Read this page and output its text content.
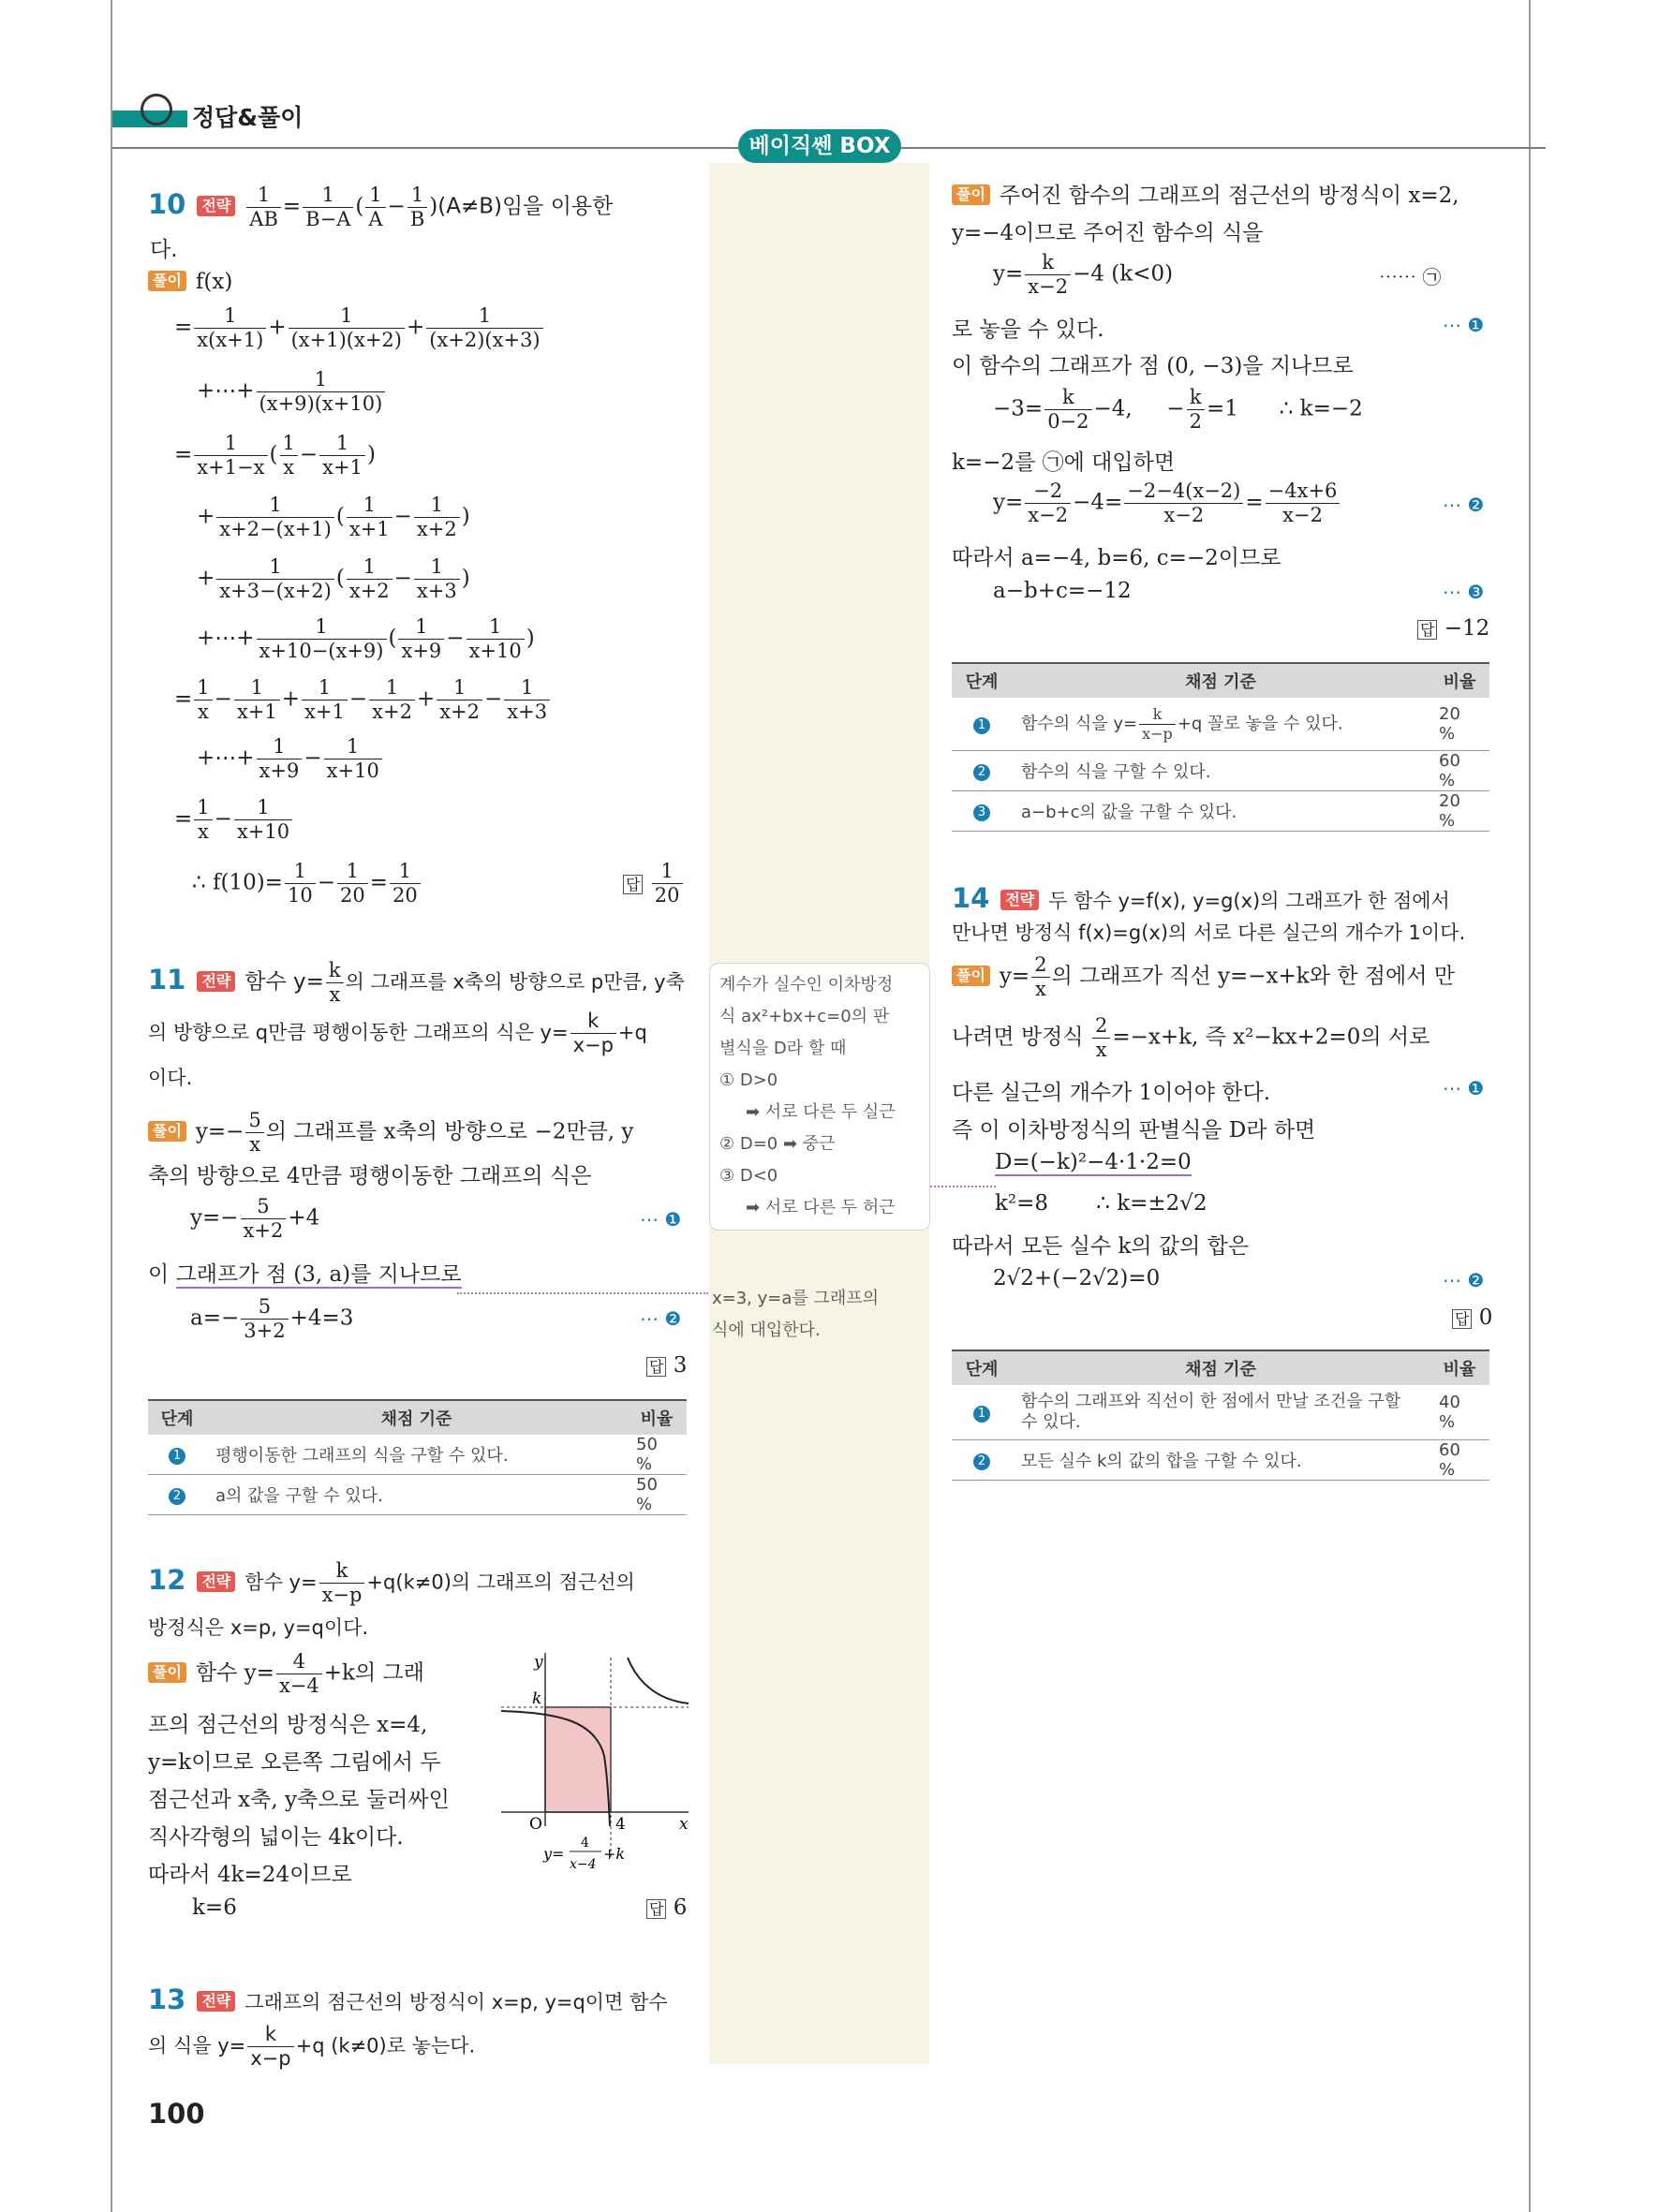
정답&풀이
베이직쎈 BOX
10 전략 $\frac{1}{AB} = \frac{1}{B-A}$ ( $\frac{1}{A} - \frac{1}{B} )(A\ne B)$임을 이용한
다.
풀이 f(x)
= $\frac{1}{x(x+1)} + \frac{1}{(x+1)(x+2)} + \frac{1}{(x+2)(x+3)}$
+⋯+ $\frac{1}{(x+9)(x+10)}$
= $\frac{1}{x+1-x}$ ( $\frac{1}{x} - \frac{1}{x+1}$ )
+ $\frac{1}{x+2-(x+1)}$ ( $\frac{1}{x+1} - \frac{1}{x+2}$ )
+ $\frac{1}{x+3-(x+2)}$ ( $\frac{1}{x+2} - \frac{1}{x+3}$ )
+⋯+ $\frac{1}{x+10-(x+9)}$ ( $\frac{1}{x+9} - \frac{1}{x+10}$ )
= $\frac{1}{x} - \frac{1}{x+1} + \frac{1}{x+1} - \frac{1}{x+2} + \frac{1}{x+2} - \frac{1}{x+3}$
+⋯+ $\frac{1}{x+9} - \frac{1}{x+10}$
= $\frac{1}{x} - \frac{1}{x+10}$
∴ $f(10)= \frac{1}{10} - \frac{1}{20} = \frac{1}{20}$	답 $\frac{1}{20}$
11 전략 함수 $y= \frac{k}{x}$ 의 그래프를 x축의 방향으로 p만큼, y축
의 방향으로 q만큼 평행이동한 그래프의 식은 $y= \frac{k}{x-p} +q$
이다.
풀이 $y=- \frac{5}{x}$ 의 그래프를 x축의 방향으로 −2만큼, y
축의 방향으로 4만큼 평행이동한 그래프의 식은
$y=- \frac{5}{x+2} +4$	⋯ ❶
이 그래프가 점 (3, a)를 지나므로
$a=- \frac{5}{3+2} +4=3$	⋯ ❷
답 3
단계	채점 기준	비율
1	평행이동한 그래프의 식을 구할 수 있다.	50 %
2	a의 값을 구할 수 있다.	50 %
12 전략 함수 $y= \frac{k}{x-p} +q(k\ne 0)$의 그래프의 점근선의
방정식은 x=p, y=q이다.
풀이 함수 $y= \frac{4}{x-4} +k$의 그래
프의 점근선의 방정식은 x=4,
y=k이므로 오른쪽 그림에서 두
점근선과 x축, y축으로 둘러싸인
직사각형의 넓이는 4k이다.
따라서 4k=24이므로
k=6	답 6
y
k
O	4	x
y=
4
x−4
+k
13 전략 그래프의 점근선의 방정식이 x=p, y=q이면 함수
의 식을 $y= \frac{k}{x-p} +q$ (k≠0)로 놓는다.
100
계수가 실수인 이차방정
식 ax²+bx+c=0의 판
별식을 D라 할 때
① D>0
➡ 서로 다른 두 실근
② D=0 ➡ 중근
③ D<0
➡ 서로 다른 두 허근
x=3, y=a를 그래프의
식에 대입한다.
풀이 주어진 함수의 그래프의 점근선의 방정식이 x=2,
y=−4이므로 주어진 함수의 식을
$y= \frac{k}{x-2} -4$ (k<0)	⋯⋯ ㉠
로 놓을 수 있다.	⋯ ❶
이 함수의 그래프가 점 (0, −3)을 지나므로
$-3= \frac{k}{0-2} -4$, − $\frac{k}{2} =1$ ∴ k=−2
k=−2를 ㉠에 대입하면
$y= \frac{-2}{x-2} -4= \frac{-2-4(x-2)}{x-2} = \frac{-4x+6}{x-2}$	⋯ ❷
따라서 a=−4, b=6, c=−2이므로
a−b+c=−12	⋯ ❸
답 −12
단계	채점 기준	비율
1	함수의 식을 $y= \frac{k}{x-p} +q$ 꼴로 놓을 수 있다.	20 %
2	함수의 식을 구할 수 있다.	60 %
3	a−b+c의 값을 구할 수 있다.	20 %
14 전략 두 함수 y=f(x), y=g(x)의 그래프가 한 점에서
만나면 방정식 f(x)=g(x)의 서로 다른 실근의 개수가 1이다.
풀이 $y= \frac{2}{x}$ 의 그래프가 직선 y=−x+k와 한 점에서 만
나려면 방정식 $\frac{2}{x} =-x+k$, 즉 x²−kx+2=0의 서로
다른 실근의 개수가 1이어야 한다.	⋯ ❶
즉 이 이차방정식의 판별식을 D라 하면
D=(−k)²−4·1·2=0
k²=8 ∴ k=±2√2
따라서 모든 실수 k의 값의 합은
2√2+(−2√2)=0	⋯ ❷
답 0
단계	채점 기준	비율
1	함수의 그래프와 직선이 한 점에서 만날 조건을 구할 수 있다.	40 %
2	모든 실수 k의 값의 합을 구할 수 있다.	60 %
